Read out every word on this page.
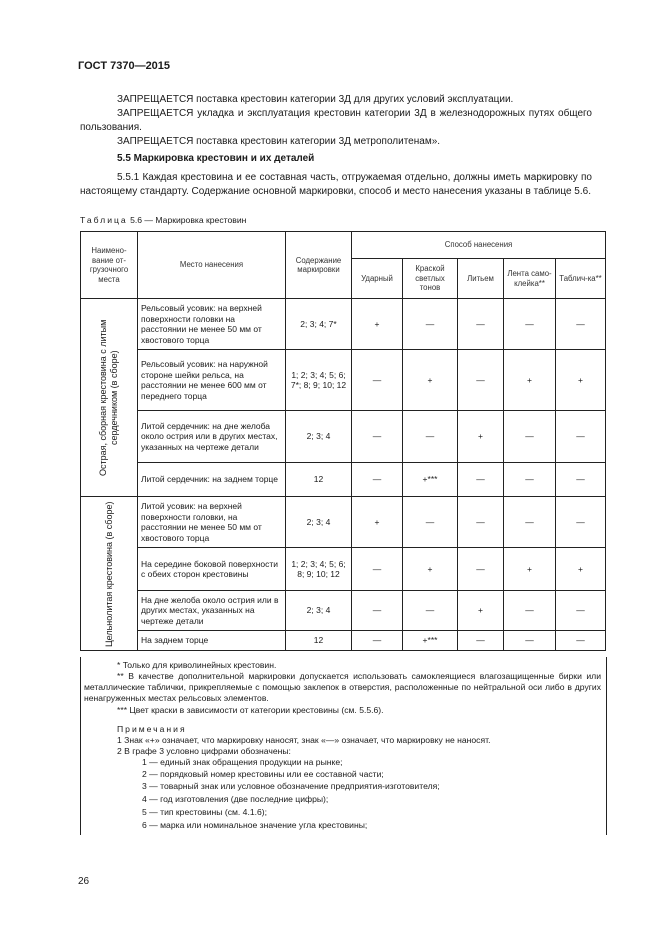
ГОСТ 7370—2015
ЗАПРЕЩАЕТСЯ поставка крестовин категории 3Д для других условий эксплуатации.
ЗАПРЕЩАЕТСЯ укладка и эксплуатация крестовин категории 3Д в железнодорожных путях общего пользования.
ЗАПРЕЩАЕТСЯ поставка крестовин категории 3Д метрополитенам».
5.5 Маркировка крестовин и их деталей
5.5.1 Каждая крестовина и ее составная часть, отгружаемая отдельно, должны иметь маркировку по настоящему стандарту. Содержание основной маркировки, способ и место нанесения указаны в таблице 5.6.
Таблица 5.6 — Маркировка крестовин
Наимено-вание от-грузочного места	Место нанесения	Содержание маркировки	Способ нанесения				
			Ударный	Краской светлых тонов	Литьем	Лента само-клейка**	Таблич-ка**

Острая, сборная крестовина с литым сердечником (в сборе)	Рельсовый усовик: на верхней поверхности головки на расстоянии не менее 50 мм от хвостового торца	2; 3; 4; 7*	+	—	—	—	—
	Рельсовый усовик: на наружной стороне шейки рельса, на расстоянии не менее 600 мм от переднего торца	1; 2; 3; 4; 5; 6; 7*; 8; 9; 10; 12	—	+	—	+	+
	Литой сердечник: на дне желоба около острия или в других местах, указанных на чертеже детали	2; 3; 4	—	—	+	—	—
	Литой сердечник: на заднем торце	12	—	+***	—	—	—

Цельнолитая крестовина (в сборе)	Литой усовик: на верхней поверхности головки, на расстоянии не менее 50 мм от хвостового торца	2; 3; 4	+	—	—	—	—
	На середине боковой поверхности с обеих сторон крестовины	1; 2; 3; 4; 5; 6; 8; 9; 10; 12	—	+	—	+	+
	На дне желоба около острия или в других местах, указанных на чертеже детали	2; 3; 4	—	—	+	—	—
	На заднем торце	12	—	+***	—	—	—
* Только для криволинейных крестовин.
** В качестве дополнительной маркировки допускается использовать самоклеящиеся влагозащищенные бирки или металлические таблички, прикрепляемые с помощью заклепок в отверстия, расположенные по нейтральной оси либо в других ненагруженных местах рельсовых элементов.
*** Цвет краски в зависимости от категории крестовины (см. 5.5.6).
Примечания
1 Знак «+» означает, что маркировку наносят, знак «—» означает, что маркировку не наносят.
2 В графе 3 условно цифрами обозначены:
1 — единый знак обращения продукции на рынке;
2 — порядковый номер крестовины или ее составной части;
3 — товарный знак или условное обозначение предприятия-изготовителя;
4 — год изготовления (две последние цифры);
5 — тип крестовины (см. 4.1.6);
6 — марка или номинальное значение угла крестовины;
26
